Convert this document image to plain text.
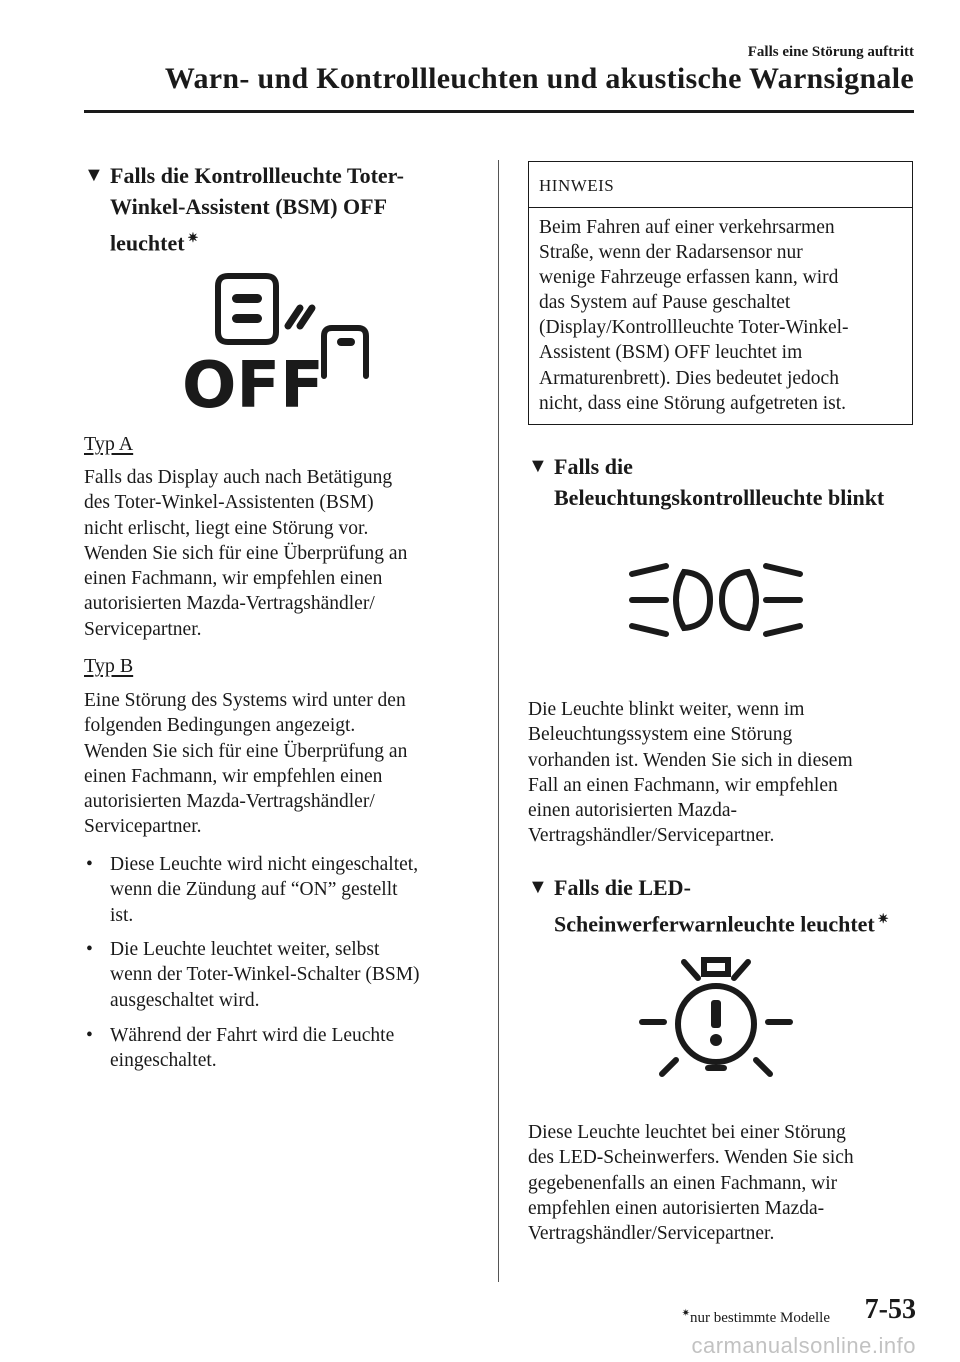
Falls eine Störung auftritt
Warn- und Kontrollleuchten und akustische Warnsignale
▼ Falls die Kontrollleuchte Toter-
Winkel-Assistent (BSM) OFF
leuchtet ✷
OFF
Typ A
Falls das Display auch nach Betätigung
des Toter-Winkel-Assistenten (BSM)
nicht erlischt, liegt eine Störung vor.
Wenden Sie sich für eine Überprüfung an
einen Fachmann, wir empfehlen einen
autorisierten Mazda-Vertragshändler/
Servicepartner.
Typ B
Eine Störung des Systems wird unter den
folgenden Bedingungen angezeigt.
Wenden Sie sich für eine Überprüfung an
einen Fachmann, wir empfehlen einen
autorisierten Mazda-Vertragshändler/
Servicepartner.
• Diese Leuchte wird nicht eingeschaltet,
wenn die Zündung auf “ON” gestellt
ist.
• Die Leuchte leuchtet weiter, selbst
wenn der Toter-Winkel-Schalter (BSM)
ausgeschaltet wird.
• Während der Fahrt wird die Leuchte
eingeschaltet.
HINWEIS
Beim Fahren auf einer verkehrsarmen
Straße, wenn der Radarsensor nur
wenige Fahrzeuge erfassen kann, wird
das System auf Pause geschaltet
(Display/Kontrollleuchte Toter-Winkel-
Assistent (BSM) OFF leuchtet im
Armaturenbrett). Dies bedeutet jedoch
nicht, dass eine Störung aufgetreten ist.
▼ Falls die
Beleuchtungskontrollleuchte blinkt
Die Leuchte blinkt weiter, wenn im
Beleuchtungssystem eine Störung
vorhanden ist. Wenden Sie sich in diesem
Fall an einen Fachmann, wir empfehlen
einen autorisierten Mazda-
Vertragshändler/Servicepartner.
▼ Falls die LED-
Scheinwerferwarnleuchte leuchtet ✷
Diese Leuchte leuchtet bei einer Störung
des LED-Scheinwerfers. Wenden Sie sich
gegebenenfalls an einen Fachmann, wir
empfehlen einen autorisierten Mazda-
Vertragshändler/Servicepartner.
✷nur bestimmte Modelle 7-53
carmanualsonline.info
